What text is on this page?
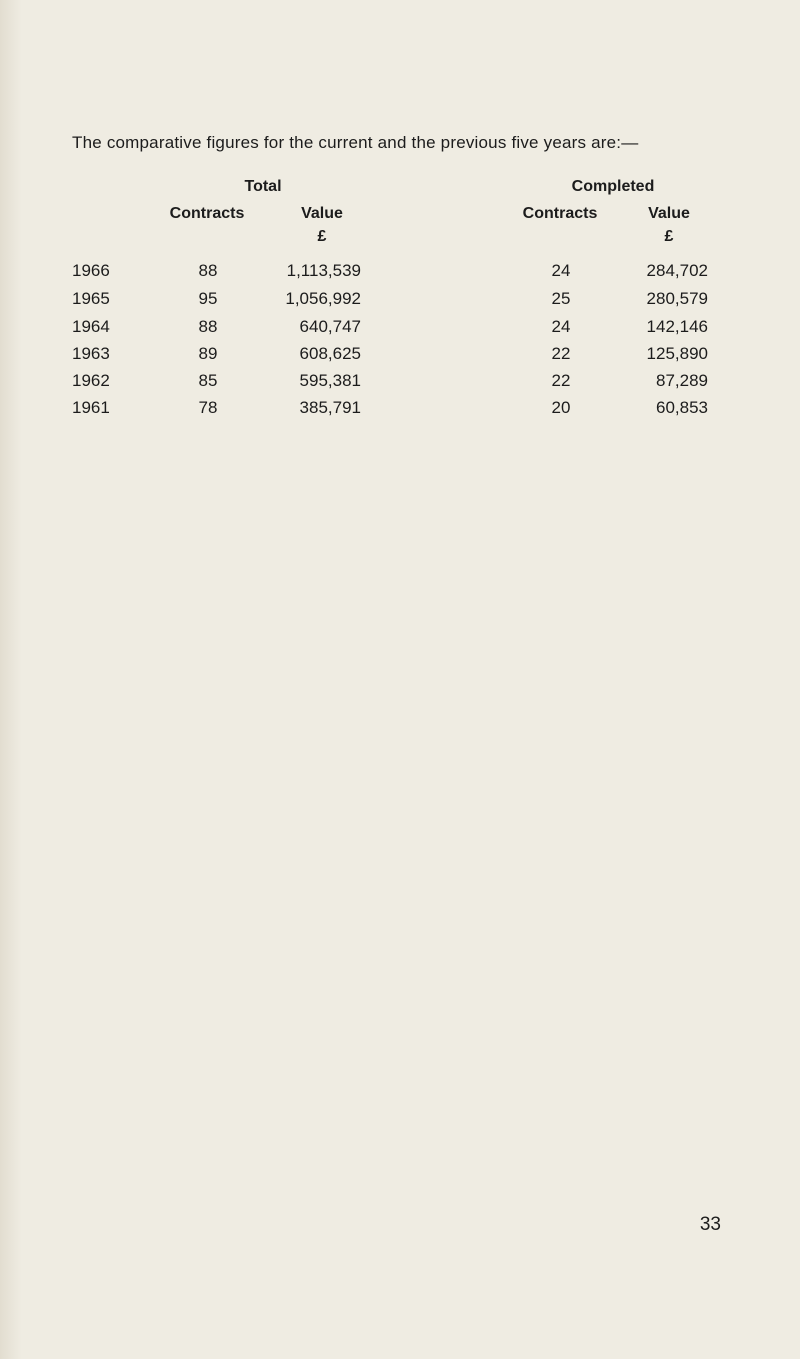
The comparative figures for the current and the previous five years are:—
Total	Completed
Contracts	Value	Contracts	Value
£	£
1966	88	1,113,539	24	284,702
1965	95	1,056,992	25	280,579
1964	88	640,747	24	142,146
1963	89	608,625	22	125,890
1962	85	595,381	22	87,289
1961	78	385,791	20	60,853
33
